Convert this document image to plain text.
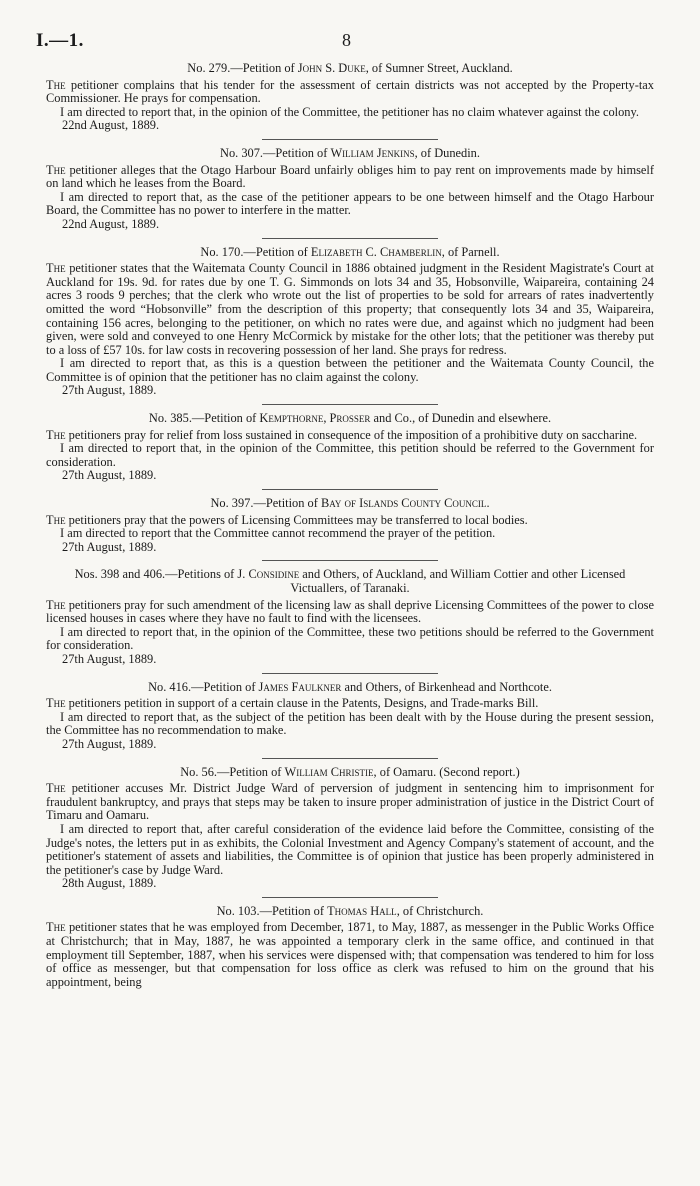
I.—1.	8
No. 279.—Petition of John S. Duke, of Sumner Street, Auckland.

The petitioner complains that his tender for the assessment of certain districts was not accepted by the Property-tax Commissioner. He prays for compensation.

I am directed to report that, in the opinion of the Committee, the petitioner has no claim whatever against the colony.

22nd August, 1889.

No. 307.—Petition of William Jenkins, of Dunedin.

The petitioner alleges that the Otago Harbour Board unfairly obliges him to pay rent on improvements made by himself on land which he leases from the Board.

I am directed to report that, as the case of the petitioner appears to be one between himself and the Otago Harbour Board, the Committee has no power to interfere in the matter.

22nd August, 1889.

No. 170.—Petition of Elizabeth C. Chamberlin, of Parnell.

The petitioner states that the Waitemata County Council in 1886 obtained judgment in the Resident Magistrate's Court at Auckland for 19s. 9d. for rates due by one T. G. Simmonds on lots 34 and 35, Hobsonville, Waipareira, containing 24 acres 3 roods 9 perches; that the clerk who wrote out the list of properties to be sold for arrears of rates inadvertently omitted the word “Hobsonville” from the description of this property; that consequently lots 34 and 35, Waipareira, containing 156 acres, belonging to the petitioner, on which no rates were due, and against which no judgment had been given, were sold and conveyed to one Henry McCormick by mistake for the other lots; that the petitioner was thereby put to a loss of £57 10s. for law costs in recovering possession of her land. She prays for redress.

I am directed to report that, as this is a question between the petitioner and the Waitemata County Council, the Committee is of opinion that the petitioner has no claim against the colony.

27th August, 1889.

No. 385.—Petition of Kempthorne, Prosser and Co., of Dunedin and elsewhere.

The petitioners pray for relief from loss sustained in consequence of the imposition of a prohibitive duty on saccharine.

I am directed to report that, in the opinion of the Committee, this petition should be referred to the Government for consideration.

27th August, 1889.

No. 397.—Petition of Bay of Islands County Council.

The petitioners pray that the powers of Licensing Committees may be transferred to local bodies.

I am directed to report that the Committee cannot recommend the prayer of the petition.

27th August, 1889.

Nos. 398 and 406.—Petitions of J. Considine and Others, of Auckland, and William Cottier and other Licensed Victuallers, of Taranaki.

The petitioners pray for such amendment of the licensing law as shall deprive Licensing Committees of the power to close licensed houses in cases where they have no fault to find with the licensees.

I am directed to report that, in the opinion of the Committee, these two petitions should be referred to the Government for consideration.

27th August, 1889.

No. 416.—Petition of James Faulkner and Others, of Birkenhead and Northcote.

The petitioners petition in support of a certain clause in the Patents, Designs, and Trade-marks Bill.

I am directed to report that, as the subject of the petition has been dealt with by the House during the present session, the Committee has no recommendation to make.

27th August, 1889.

No. 56.—Petition of William Christie, of Oamaru. (Second report.)

The petitioner accuses Mr. District Judge Ward of perversion of judgment in sentencing him to imprisonment for fraudulent bankruptcy, and prays that steps may be taken to insure proper administration of justice in the District Court of Timaru and Oamaru.

I am directed to report that, after careful consideration of the evidence laid before the Committee, consisting of the Judge's notes, the letters put in as exhibits, the Colonial Investment and Agency Company's statement of account, and the petitioner's statement of assets and liabilities, the Committee is of opinion that justice has been properly administered in the petitioner's case by Judge Ward.

28th August, 1889.

No. 103.—Petition of Thomas Hall, of Christchurch.

The petitioner states that he was employed from December, 1871, to May, 1887, as messenger in the Public Works Office at Christchurch; that in May, 1887, he was appointed a temporary clerk in the same office, and continued in that employment till September, 1887, when his services were dispensed with; that compensation was tendered to him for loss of office as messenger, but that compensation for loss office as clerk was refused to him on the ground that his appointment, being
